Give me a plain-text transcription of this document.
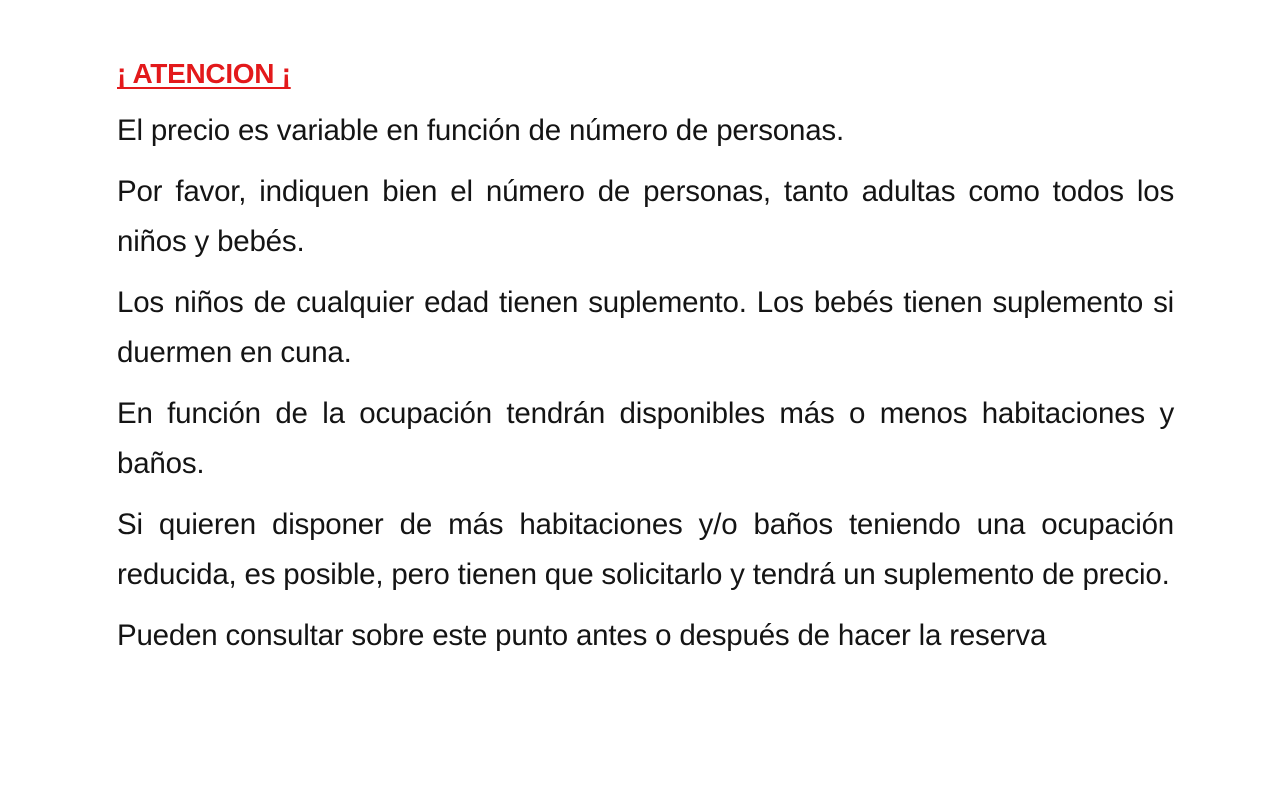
¡ ATENCION ¡

El precio es variable en función de número de personas.

Por favor, indiquen bien el número de personas, tanto adultas como todos los niños y bebés.

Los niños de cualquier edad tienen suplemento. Los bebés tienen suplemento si duermen en cuna.

En función de la ocupación tendrán disponibles más o menos habitaciones y baños.

Si quieren disponer de más habitaciones y/o baños teniendo una ocupación reducida, es posible, pero tienen que solicitarlo y tendrá un suplemento de precio.

Pueden consultar sobre este punto antes o después de hacer la reserva
